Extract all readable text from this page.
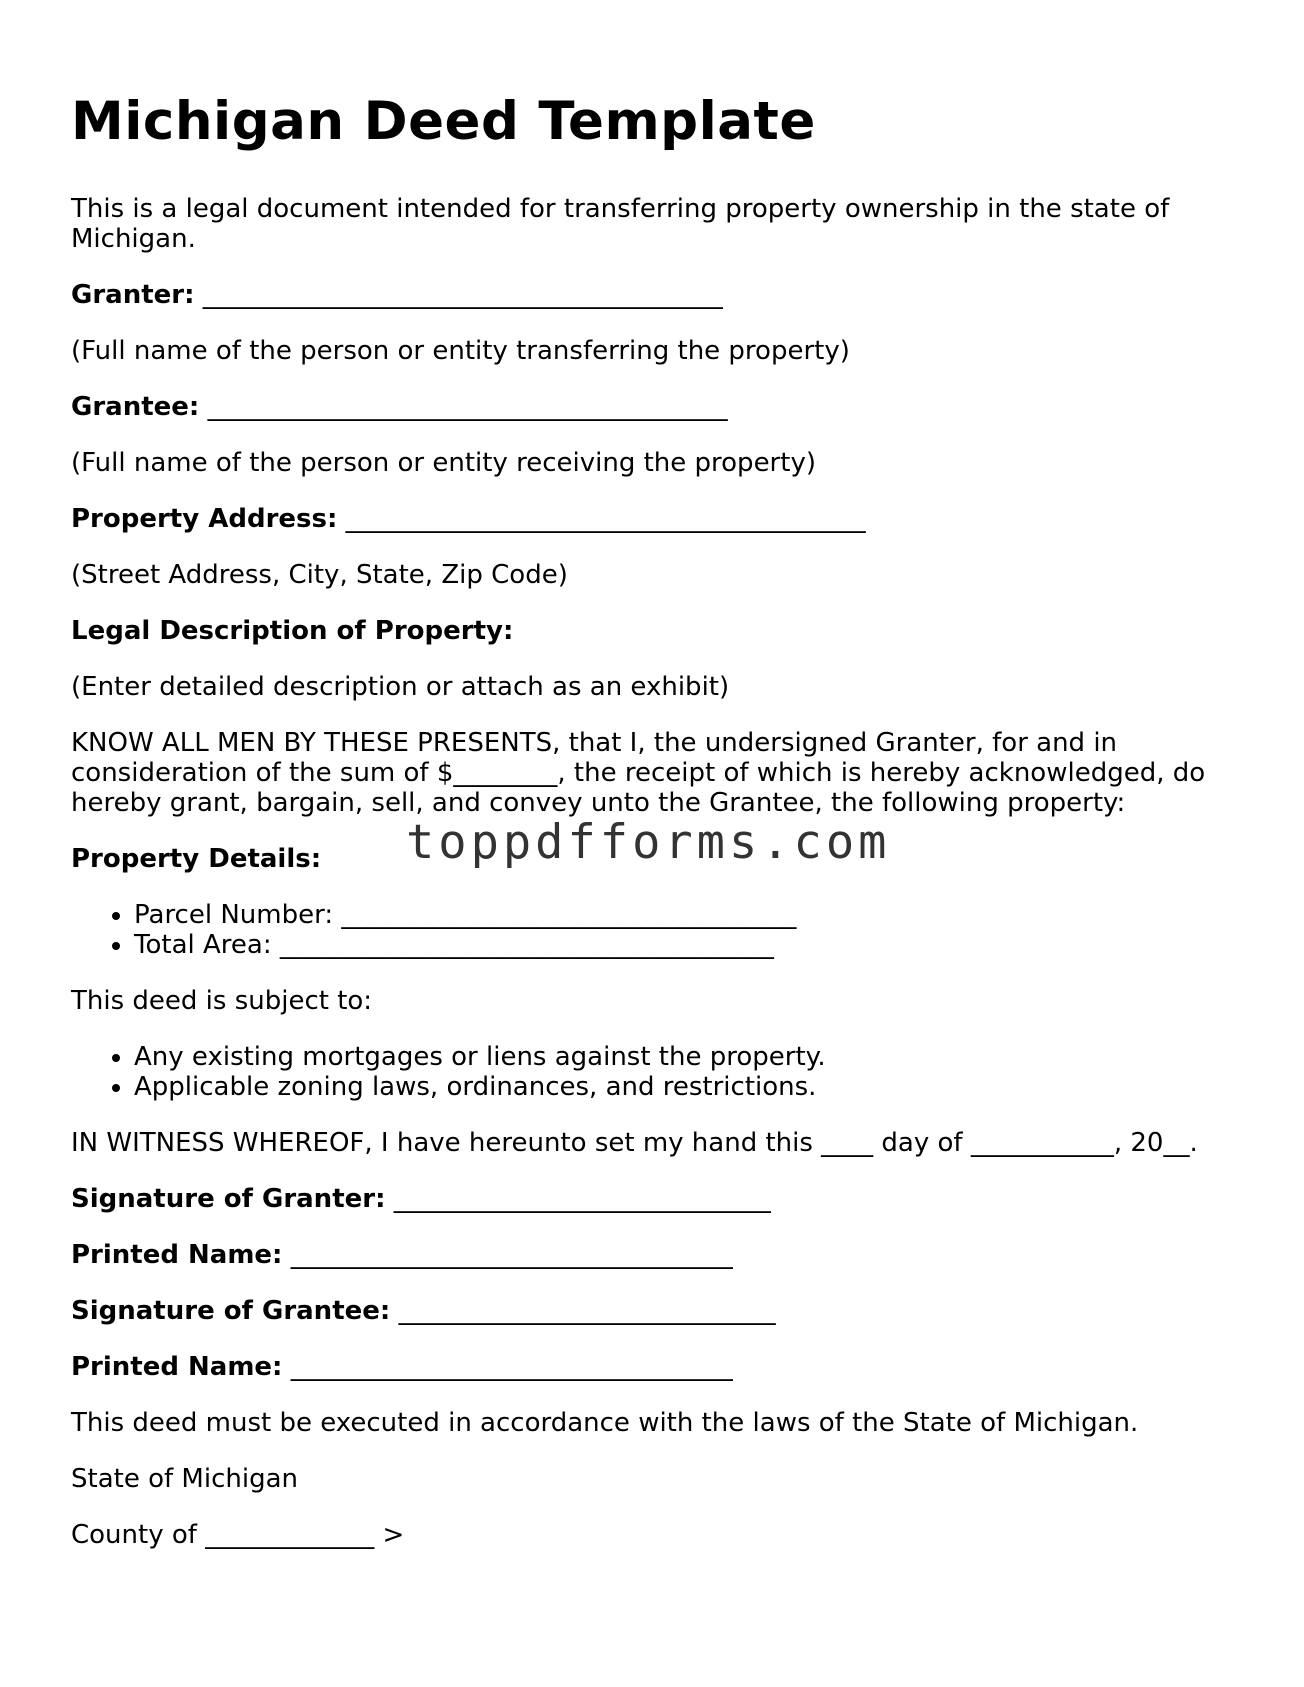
Michigan Deed Template

This is a legal document intended for transferring property ownership in the state of Michigan.

Granter: ________________________________________

(Full name of the person or entity transferring the property)

Grantee: ________________________________________

(Full name of the person or entity receiving the property)

Property Address: ________________________________________

(Street Address, City, State, Zip Code)

Legal Description of Property:

(Enter detailed description or attach as an exhibit)

KNOW ALL MEN BY THESE PRESENTS, that I, the undersigned Granter, for and in consideration of the sum of $________, the receipt of which is hereby acknowledged, do hereby grant, bargain, sell, and convey unto the Grantee, the following property:

Property Details:

• Parcel Number: ___________________________________
• Total Area: ______________________________________

This deed is subject to:

• Any existing mortgages or liens against the property.
• Applicable zoning laws, ordinances, and restrictions.

IN WITNESS WHEREOF, I have hereunto set my hand this ____ day of ___________, 20__.

Signature of Granter: _____________________________

Printed Name: __________________________________

Signature of Grantee: _____________________________

Printed Name: __________________________________

This deed must be executed in accordance with the laws of the State of Michigan.

State of Michigan

County of _____________ >

toppdfforms.com
